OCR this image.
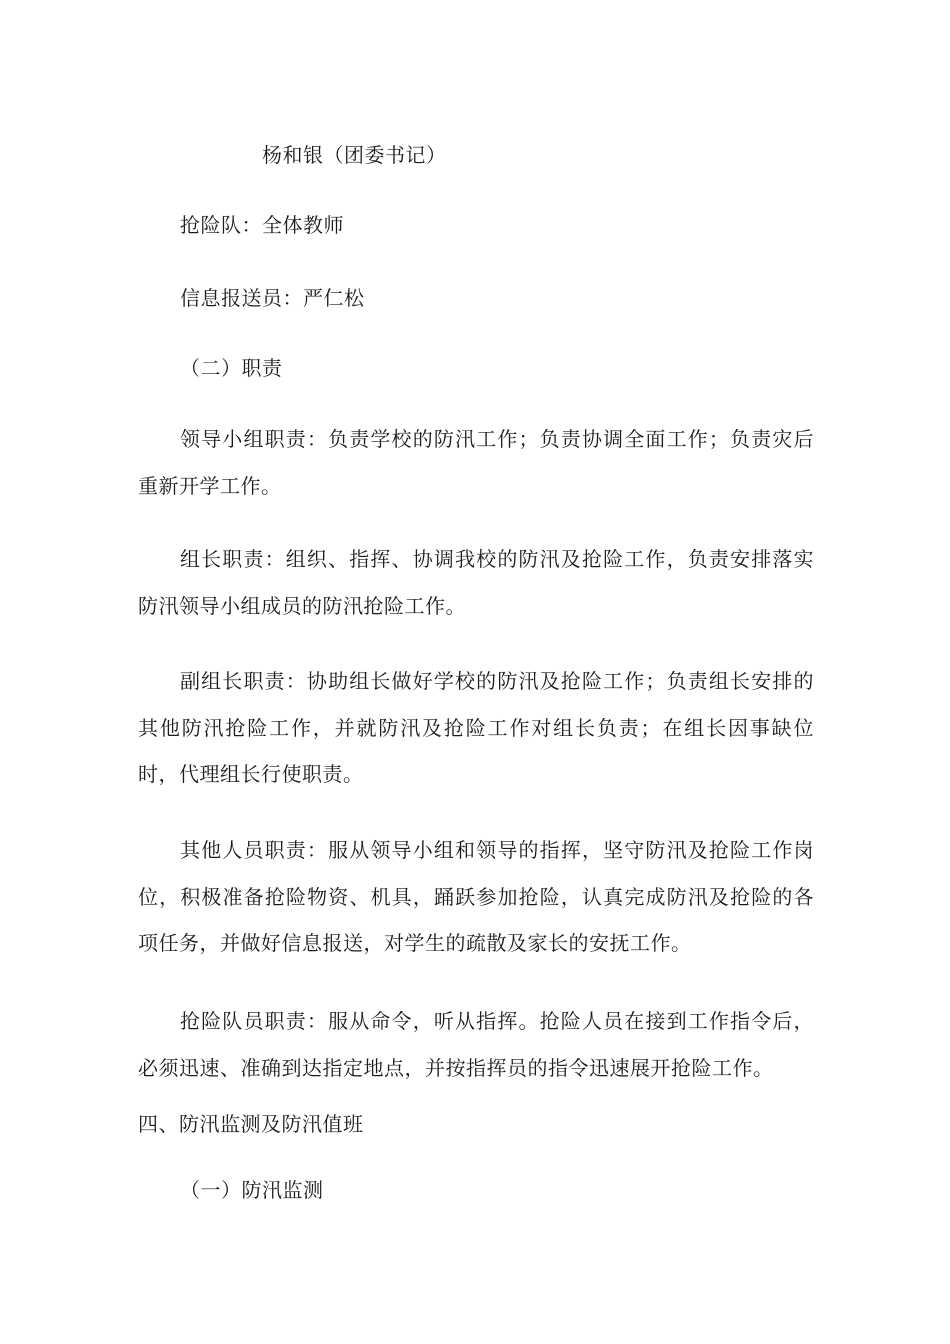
杨和银（团委书记）
抢险队：全体教师
信息报送员：严仁松
（二）职责
领导小组职责：负责学校的防汛工作；负责协调全面工作；负责灾后重新开学工作。
组长职责：组织、指挥、协调我校的防汛及抢险工作，负责安排落实防汛领导小组成员的防汛抢险工作。
副组长职责：协助组长做好学校的防汛及抢险工作；负责组长安排的其他防汛抢险工作，并就防汛及抢险工作对组长负责；在组长因事缺位时，代理组长行使职责。
其他人员职责：服从领导小组和领导的指挥，坚守防汛及抢险工作岗位，积极准备抢险物资、机具，踊跃参加抢险，认真完成防汛及抢险的各项任务，并做好信息报送，对学生的疏散及家长的安抚工作。
抢险队员职责：服从命令，听从指挥。抢险人员在接到工作指令后，必须迅速、准确到达指定地点，并按指挥员的指令迅速展开抢险工作。
四、防汛监测及防汛值班
（一）防汛监测
